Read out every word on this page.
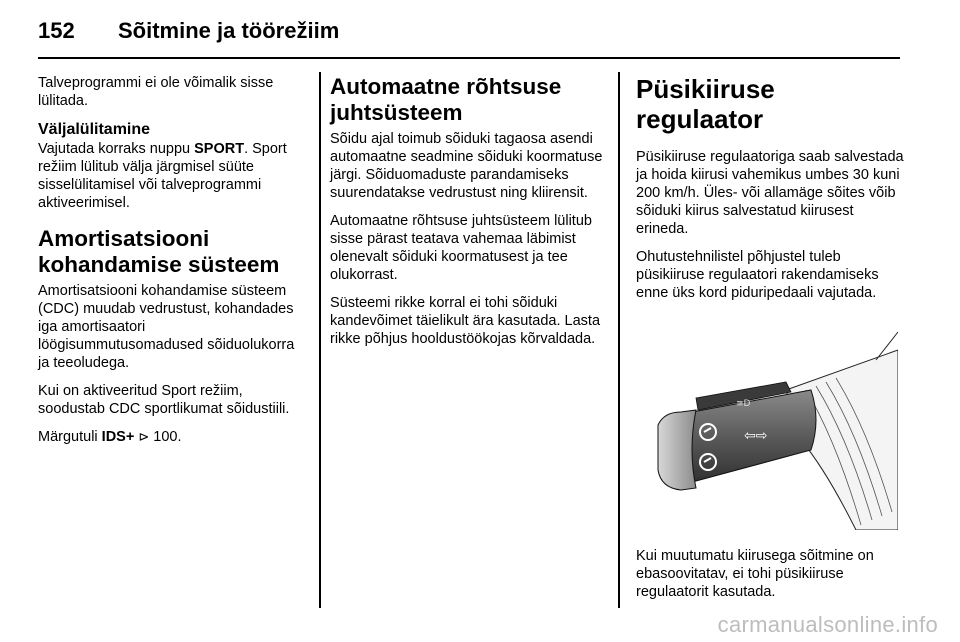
152 Sõitmine ja töörežiim

Talveprogrammi ei ole võimalik sisse lülitada.

Väljalülitamine

Vajutada korraks nuppu SPORT. Sport režiim lülitub välja järgmisel süüte sisselülitamisel või talveprogrammi aktiveerimisel.

Amortisatsiooni kohandamise süsteem

Amortisatsiooni kohandamise süsteem (CDC) muudab vedrustust, kohandades iga amortisaatori löögisummutusomadused sõiduolukorra ja teeoludega.

Kui on aktiveeritud Sport režiim, soodustab CDC sportlikumat sõidustiili.

Märgutuli IDS+ ⊳ 100.

Automaatne rõhtsuse juhtsüsteem

Sõidu ajal toimub sõiduki tagaosa asendi automaatne seadmine sõiduki koormatuse järgi. Sõiduomaduste parandamiseks suurendatakse vedrustust ning kliirensit.

Automaatne rõhtsuse juhtsüsteem lülitub sisse pärast teatava vahemaa läbimist olenevalt sõiduki koormatusest ja tee olukorrast.

Süsteemi rikke korral ei tohi sõiduki kandevõimet täielikult ära kasutada. Lasta rikke põhjus hooldustöökojas kõrvaldada.

Püsikiiruse regulaator

Püsikiiruse regulaatoriga saab salvestada ja hoida kiirusi vahemikus umbes 30 kuni 200 km/h. Üles- või allamäge sõites võib sõiduki kiirus salvestatud kiirusest erineda.

Ohutustehnilistel põhjustel tuleb püsikiiruse regulaatori rakendamiseks enne üks kord piduripedaali vajutada.

≡D
⇦⇨

Kui muutumatu kiirusega sõitmine on ebasoovitatav, ei tohi püsikiiruse regulaatorit kasutada.

carmanualsonline.info
